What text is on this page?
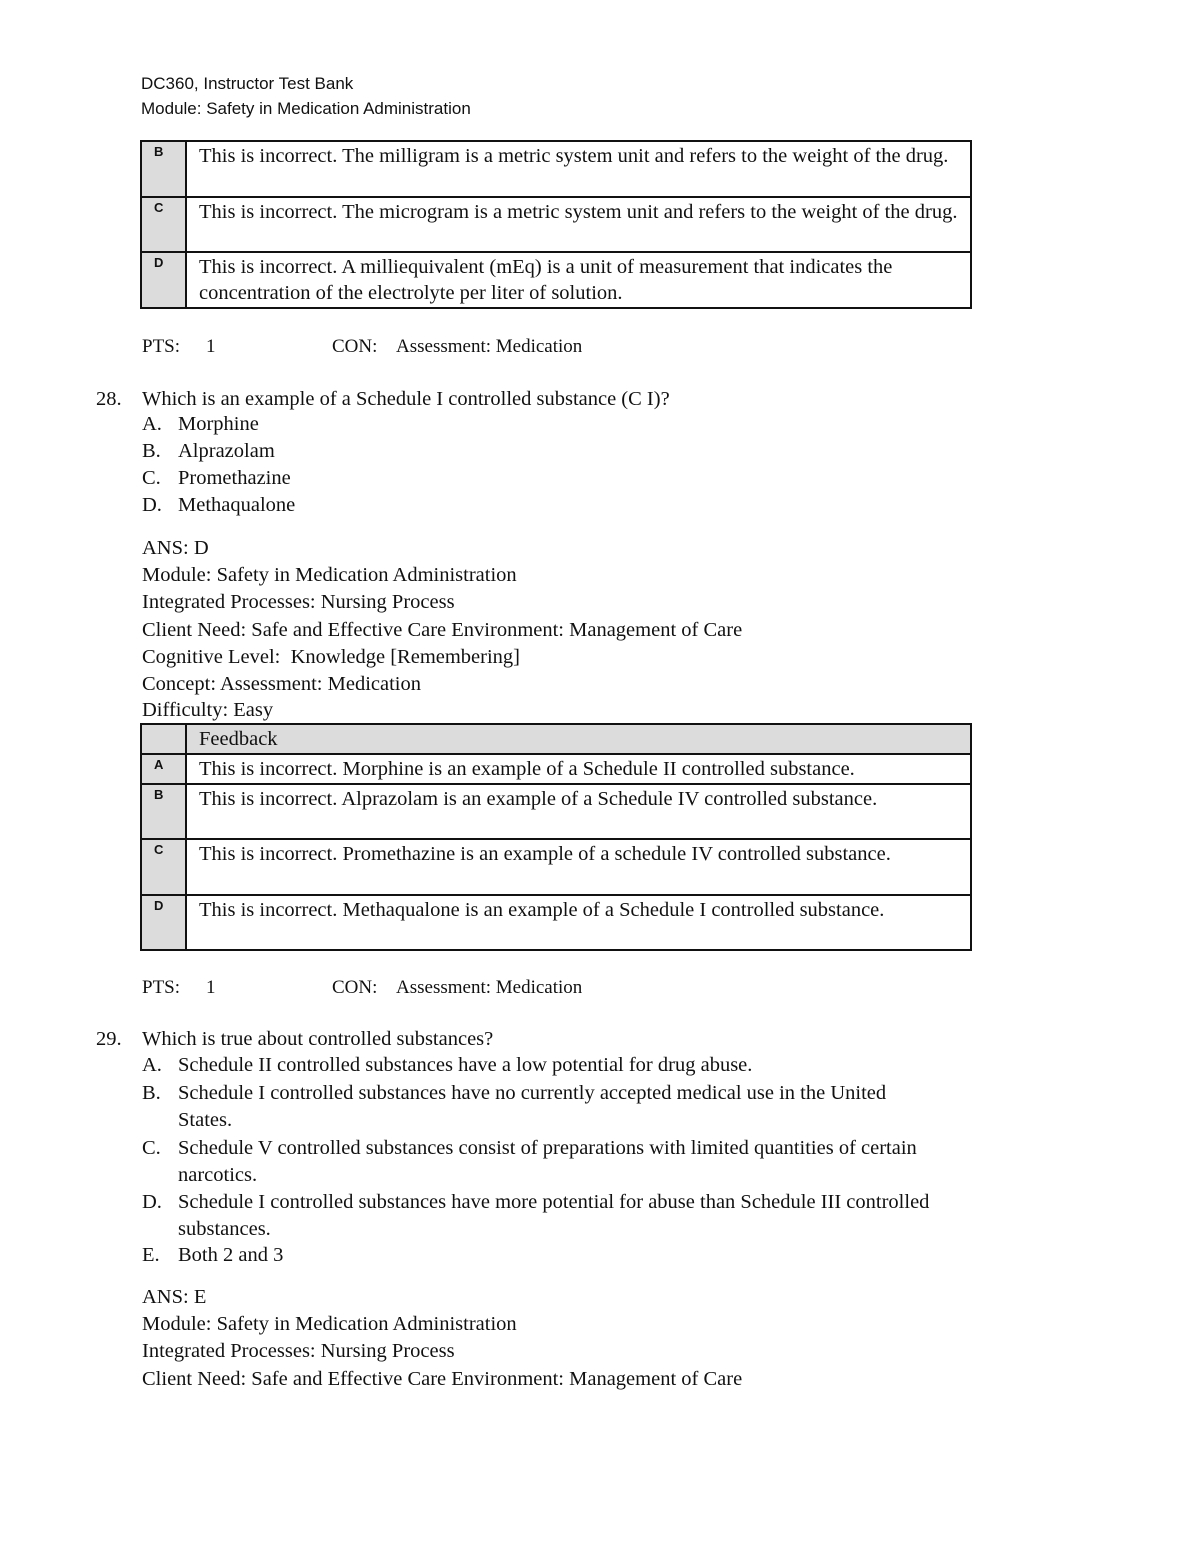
DC360, Instructor Test Bank
Module: Safety in Medication Administration
B	This is incorrect. The milligram is a metric system unit and refers to the weight of the drug.
C	This is incorrect. The microgram is a metric system unit and refers to the weight of the drug.
D	This is incorrect. A milliequivalent (mEq) is a unit of measurement that indicates the concentration of the electrolyte per liter of solution.
PTS: 1	CON: Assessment: Medication
28. Which is an example of a Schedule I controlled substance (C I)?
A. Morphine
B. Alprazolam
C. Promethazine
D. Methaqualone
ANS: D
Module: Safety in Medication Administration
Integrated Processes: Nursing Process
Client Need: Safe and Effective Care Environment: Management of Care
Cognitive Level:  Knowledge [Remembering]
Concept: Assessment: Medication
Difficulty: Easy
	Feedback
A	This is incorrect. Morphine is an example of a Schedule II controlled substance.
B	This is incorrect. Alprazolam is an example of a Schedule IV controlled substance.
C	This is incorrect. Promethazine is an example of a schedule IV controlled substance.
D	This is incorrect. Methaqualone is an example of a Schedule I controlled substance.
PTS: 1	CON: Assessment: Medication
29. Which is true about controlled substances?
A. Schedule II controlled substances have a low potential for drug abuse.
B. Schedule I controlled substances have no currently accepted medical use in the United States.
C. Schedule V controlled substances consist of preparations with limited quantities of certain narcotics.
D. Schedule I controlled substances have more potential for abuse than Schedule III controlled substances.
E. Both 2 and 3
ANS: E
Module: Safety in Medication Administration
Integrated Processes: Nursing Process
Client Need: Safe and Effective Care Environment: Management of Care
